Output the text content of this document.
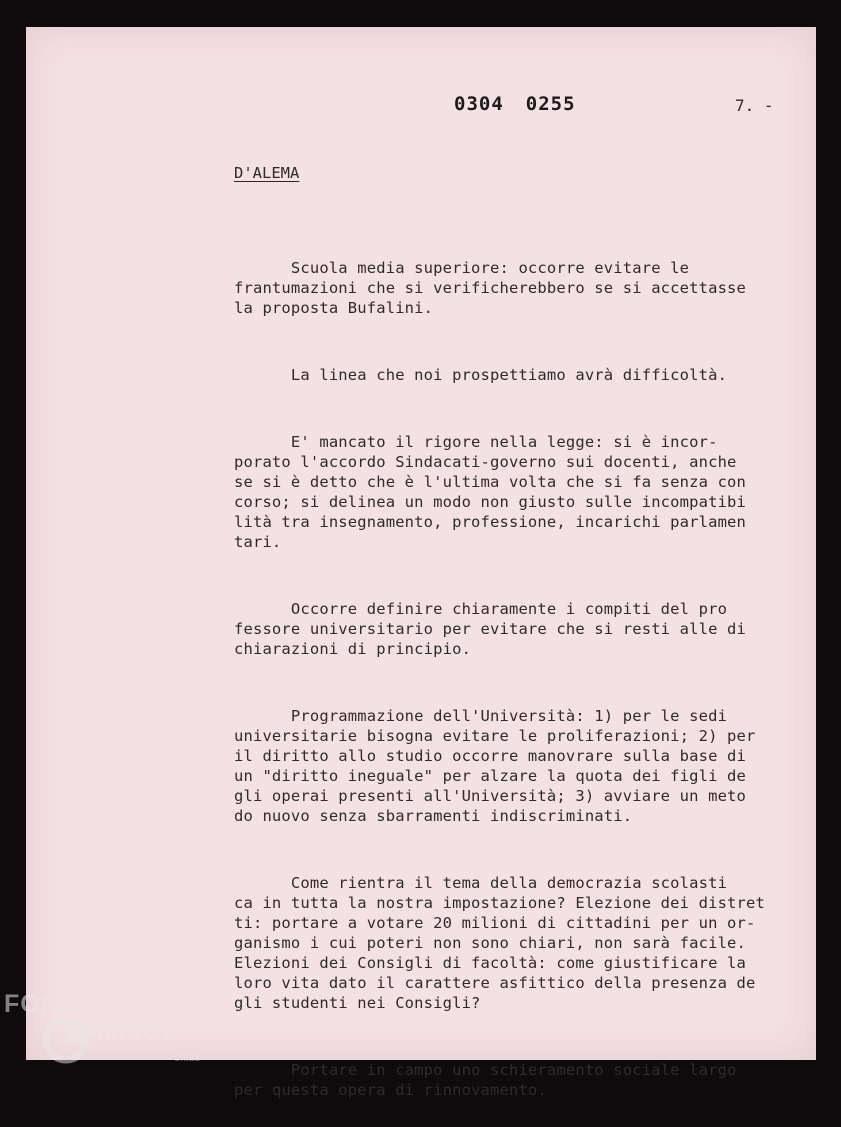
0304 0255	7. -
D'ALEMA

Scuola media superiore: occorre evitare le
frantumazioni che si verificherebbero se si accettasse
la proposta Bufalini.

La linea che noi prospettiamo avrà difficoltà.

E' mancato il rigore nella legge: si è incor-
porato l'accordo Sindacati-governo sui docenti, anche
se si è detto che è l'ultima volta che si fa senza con
corso; si delinea un modo non giusto sulle incompatibi
lità tra insegnamento, professione, incarichi parlamen
tari.

Occorre definire chiaramente i compiti del pro
fessore universitario per evitare che si resti alle di
chiarazioni di principio.

Programmazione dell'Università: 1) per le sedi
universitarie bisogna evitare le proliferazioni; 2) per
il diritto allo studio occorre manovrare sulla base di
un "diritto ineguale" per alzare la quota dei figli de
gli operai presenti all'Università; 3) avviare un meto
do nuovo senza sbarramenti indiscriminati.

Come rientra il tema della democrazia scolasti
ca in tutta la nostra impostazione? Elezione dei distret
ti: portare a votare 20 milioni di cittadini per un or-
ganismo i cui poteri non sono chiari, non sarà facile.
Elezioni dei Consigli di facoltà: come giustificare la
loro vita dato il carattere asfittico della presenza de
gli studenti nei Consigli?

Portare in campo uno schieramento sociale largo
per questa opera di rinnovamento.

FONDAZIONE
RAMSCI
onlus
